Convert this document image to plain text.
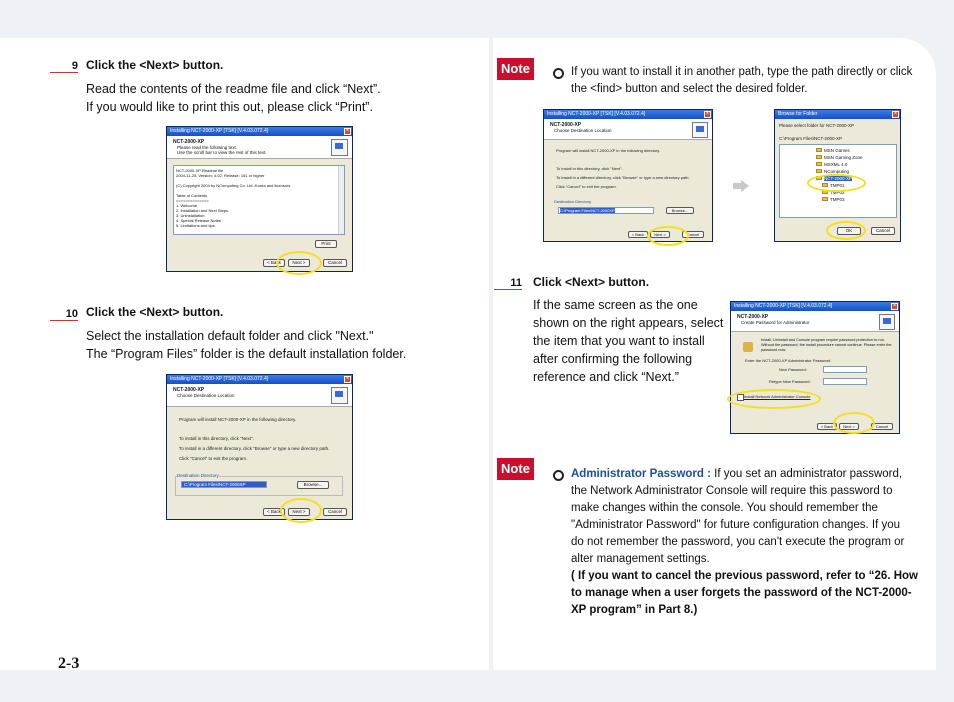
9 Click the <Next> button.
Read the contents of the readme file and click “Next”.
If you would like to print this out, please click “Print”.
Installing NCT-2000-XP [TSK] [V.4.03.072.4]	×
NCT-2000-XP
Please read the following text.
Use the scroll bar to view the rest of this text.
NCT-2000-XP Readme file
2004-11-25, Version: 4.02, Release: 161 or higher
(C) Copyright 2004 by NComputing Co. Ltd.-Korea and licensors
Table of Contents
==============
1. Welcome
2. Installation and Next Steps
3. Uninstallation
4. Special Release Notes
5. Limitations and tips.
Print
< Back	Next >	Cancel
10 Click the <Next> button.
Select the installation default folder and click "Next."
The “Program Files” folder is the default installation folder.
Installing NCT-2000-XP [TSK] [V.4.03.072.4]	×
NCT-2000-XP
Choose Destination Location
Program will install NCT-2000-XP in the following directory.
To install in this directory, click "Next".
To install in a different directory, click "Browse" or type a new directory path.
Click "Cancel" to exit the program.
Destination Directory
C:\Program Files\NCT-2000XP	Browse...
< Back	Next >	Cancel
2-3
Note	If you want to install it in another path, type the path directly or click
the <find> button and select the desired folder.
Installing NCT-2000-XP [TSK] [V.4.03.072.4]	×
NCT-2000-XP
Choose Destination Location
Program will install NCT-2000-XP in the following directory.
To install in this directory, click "Next".
To install in a different directory, click "Browse" or type a new directory path.
Click "Cancel" to exit the program.
Destination Directory
C:\Program Files\NCT-2000XP	Browse...
< Back	Next >	Cancel
Browse for Folder	×
Please select folder for NCT-2000-XP
C:\Program Files\NCT-2000-XP
MSN Games
MSN Gaming Zone
MSXML 4.0
NComputing
NCT-2000-XP
TMP01
TMP02
TMP03
OK	Cancel
11 Click <Next> button.
If the same screen as the one
shown on the right appears, select
the item that you want to install
after confirming the following
reference and click “Next.”
Installing NCT-2000-XP [TSK] [V.4.03.072.4]	×
NCT-2000-XP
Create Password for Administrator
Install, Uninstall and Console program require password protection to run.
Without the password, the install procedure cannot continue. Please enter the
password now.
Enter the NCT-2000-XP Administrator Password
New Password:
Retype New Password:
Install Network Administrator Console
< Back	Next >	Cancel
Note	Administrator Password : If you set an administrator password,
the Network Administrator Console will require this password to
make changes within the console. You should remember the
"Administrator Password" for future configuration changes. If you
do not remember the password, you can't execute the program or
alter management settings.
( If you want to cancel the previous password, refer to “26. How
to manage when a user forgets the password of the NCT-2000-
XP program” in Part 8.)
